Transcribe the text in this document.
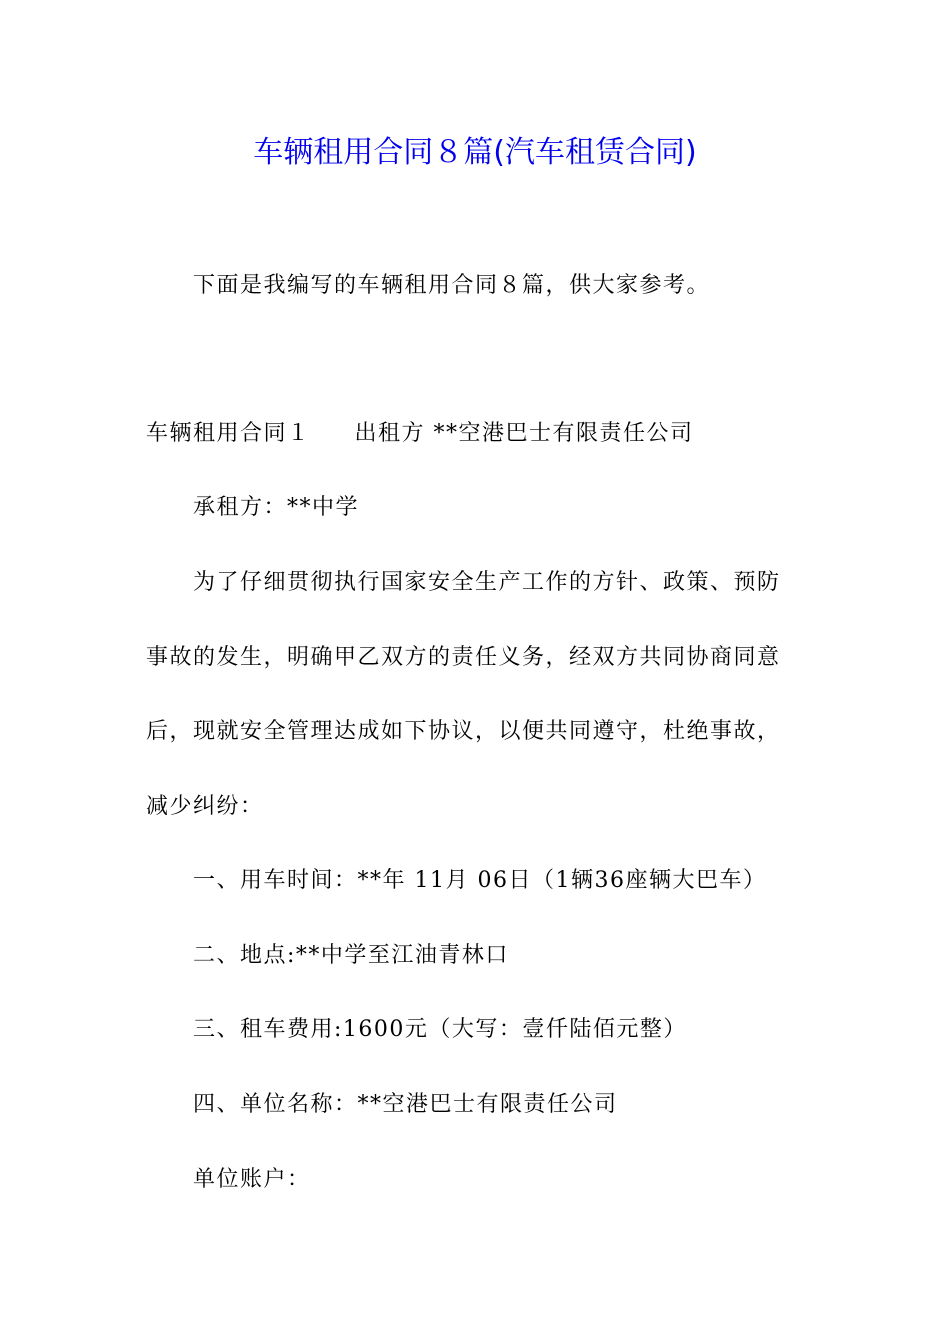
车辆租用合同８篇(汽车租赁合同)
下面是我编写的车辆租用合同８篇，供大家参考。
车辆租用合同１ 出租方 **空港巴士有限责任公司
承租方：**中学
为了仔细贯彻执行国家安全生产工作的方针、政策、预防
事故的发生，明确甲乙双方的责任义务，经双方共同协商同意
后，现就安全管理达成如下协议，以便共同遵守，杜绝事故，
减少纠纷：
一、用车时间：**年 11月 06日（1辆36座辆大巴车）
二、地点:**中学至江油青林口
三、租车费用:1600元（大写：壹仟陆佰元整）
四、单位名称：**空港巴士有限责任公司
单位账户：
